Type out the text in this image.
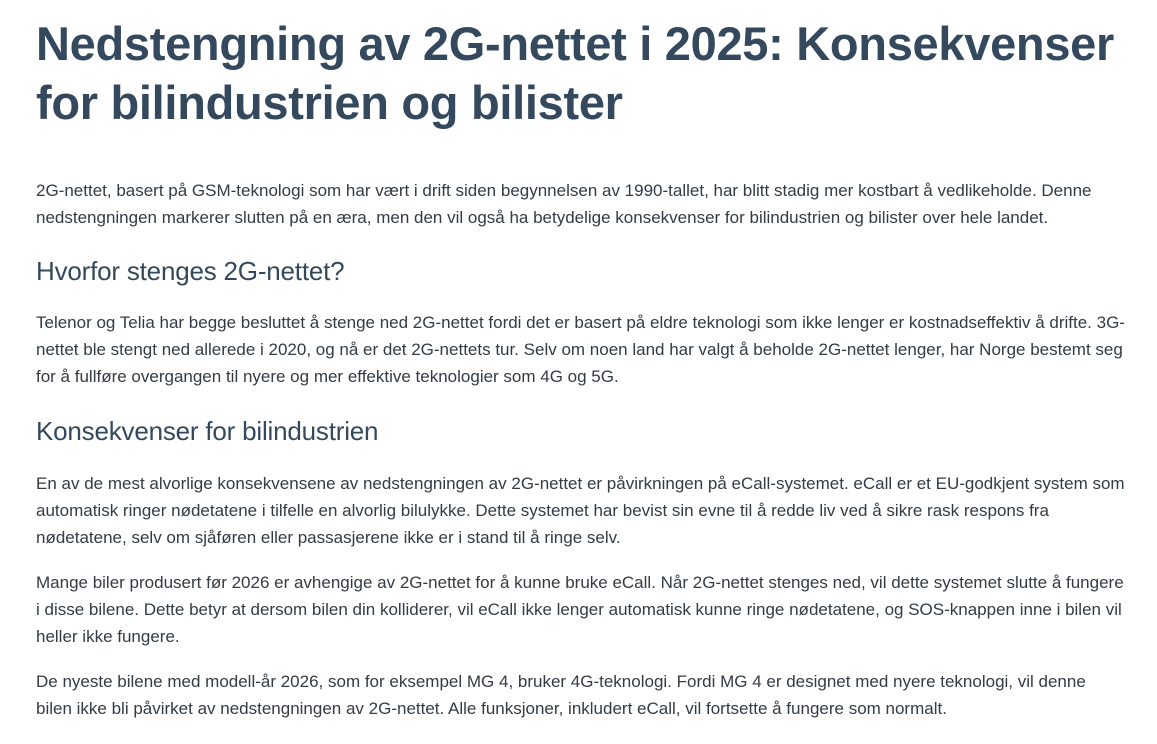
Nedstengning av 2G-nettet i 2025: Konsekvenser for bilindustrien og bilister

2G-nettet, basert på GSM-teknologi som har vært i drift siden begynnelsen av 1990-tallet, har blitt stadig mer kostbart å vedlikeholde. Denne nedstengningen markerer slutten på en æra, men den vil også ha betydelige konsekvenser for bilindustrien og bilister over hele landet.

Hvorfor stenges 2G-nettet?

Telenor og Telia har begge besluttet å stenge ned 2G-nettet fordi det er basert på eldre teknologi som ikke lenger er kostnadseffektiv å drifte. 3G-nettet ble stengt ned allerede i 2020, og nå er det 2G-nettets tur. Selv om noen land har valgt å beholde 2G-nettet lenger, har Norge bestemt seg for å fullføre overgangen til nyere og mer effektive teknologier som 4G og 5G.

Konsekvenser for bilindustrien

En av de mest alvorlige konsekvensene av nedstengningen av 2G-nettet er påvirkningen på eCall-systemet. eCall er et EU-godkjent system som automatisk ringer nødetatene i tilfelle en alvorlig bilulykke. Dette systemet har bevist sin evne til å redde liv ved å sikre rask respons fra nødetatene, selv om sjåføren eller passasjerene ikke er i stand til å ringe selv.

Mange biler produsert før 2026 er avhengige av 2G-nettet for å kunne bruke eCall. Når 2G-nettet stenges ned, vil dette systemet slutte å fungere i disse bilene. Dette betyr at dersom bilen din kolliderer, vil eCall ikke lenger automatisk kunne ringe nødetatene, og SOS-knappen inne i bilen vil heller ikke fungere.

De nyeste bilene med modell-år 2026, som for eksempel MG 4, bruker 4G-teknologi. Fordi MG 4 er designet med nyere teknologi, vil denne bilen ikke bli påvirket av nedstengningen av 2G-nettet. Alle funksjoner, inkludert eCall, vil fortsette å fungere som normalt.
